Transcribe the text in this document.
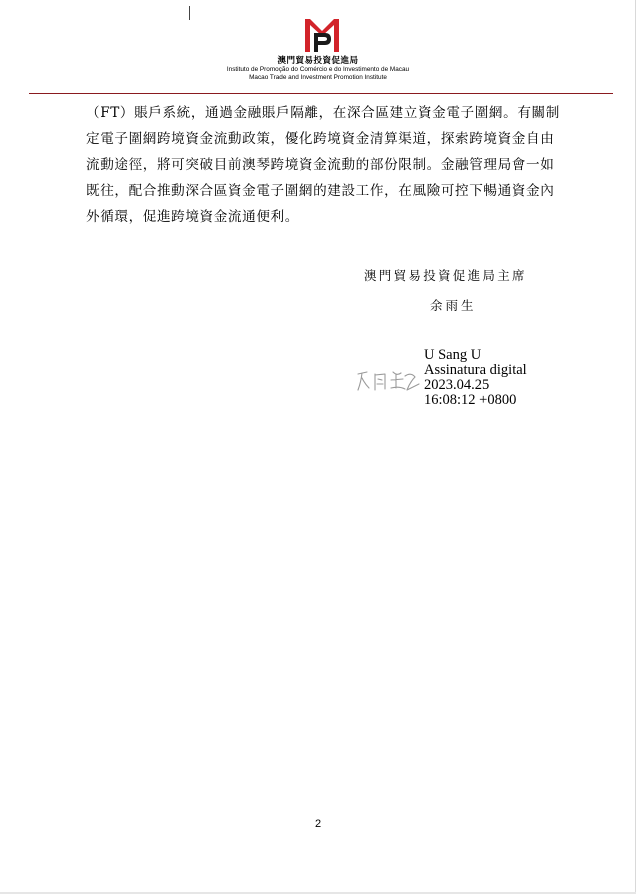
澳門貿易投資促進局
Instituto de Promoção do Comércio e do Investimento de Macau
Macao Trade and Investment Promotion Institute
（FT）賬戶系統，通過金融賬戶隔離，在深合區建立資金電子圍網。有關制
定電子圍網跨境資金流動政策，優化跨境資金清算渠道，探索跨境資金自由
流動途徑，將可突破目前澳琴跨境資金流動的部份限制。金融管理局會一如
既往，配合推動深合區資金電子圍網的建設工作，在風險可控下暢通資金內
外循環，促進跨境資金流通便利。
澳門貿易投資促進局主席
余雨生
U Sang U
Assinatura digital
2023.04.25
16:08:12 +0800
2
